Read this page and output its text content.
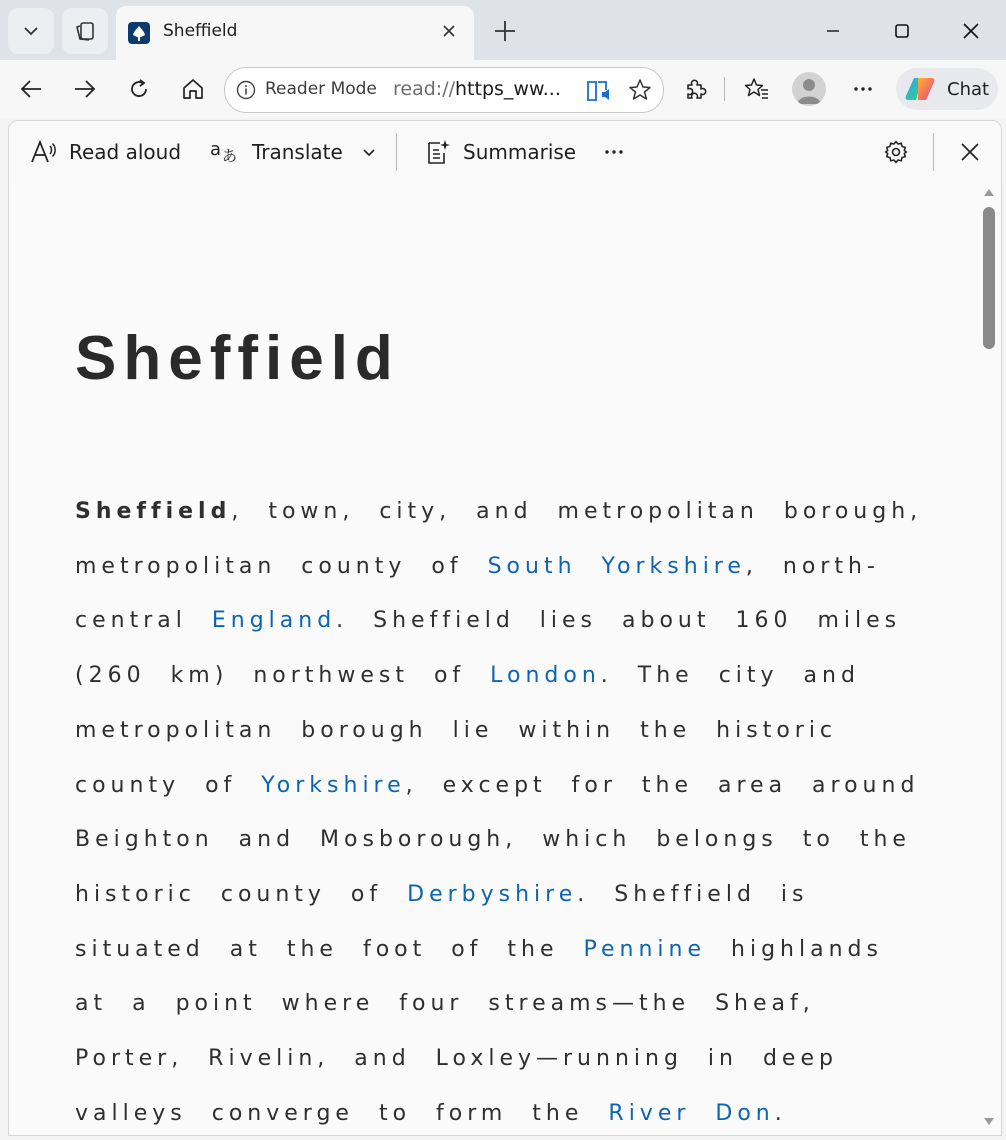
Sheffield
Reader Mode read://https_ww...	Chat
Read aloud a あ Translate	Summarise
Sheffield

Sheffield, town, city, and metropolitan borough, metropolitan county of South Yorkshire, north-central England. Sheffield lies about 160 miles (260 km) northwest of London. The city and metropolitan borough lie within the historic county of Yorkshire, except for the area around Beighton and Mosborough, which belongs to the historic county of Derbyshire. Sheffield is situated at the foot of the Pennine highlands at a point where four streams—the Sheaf, Porter, Rivelin, and Loxley—running in deep valleys converge to form the River Don.
